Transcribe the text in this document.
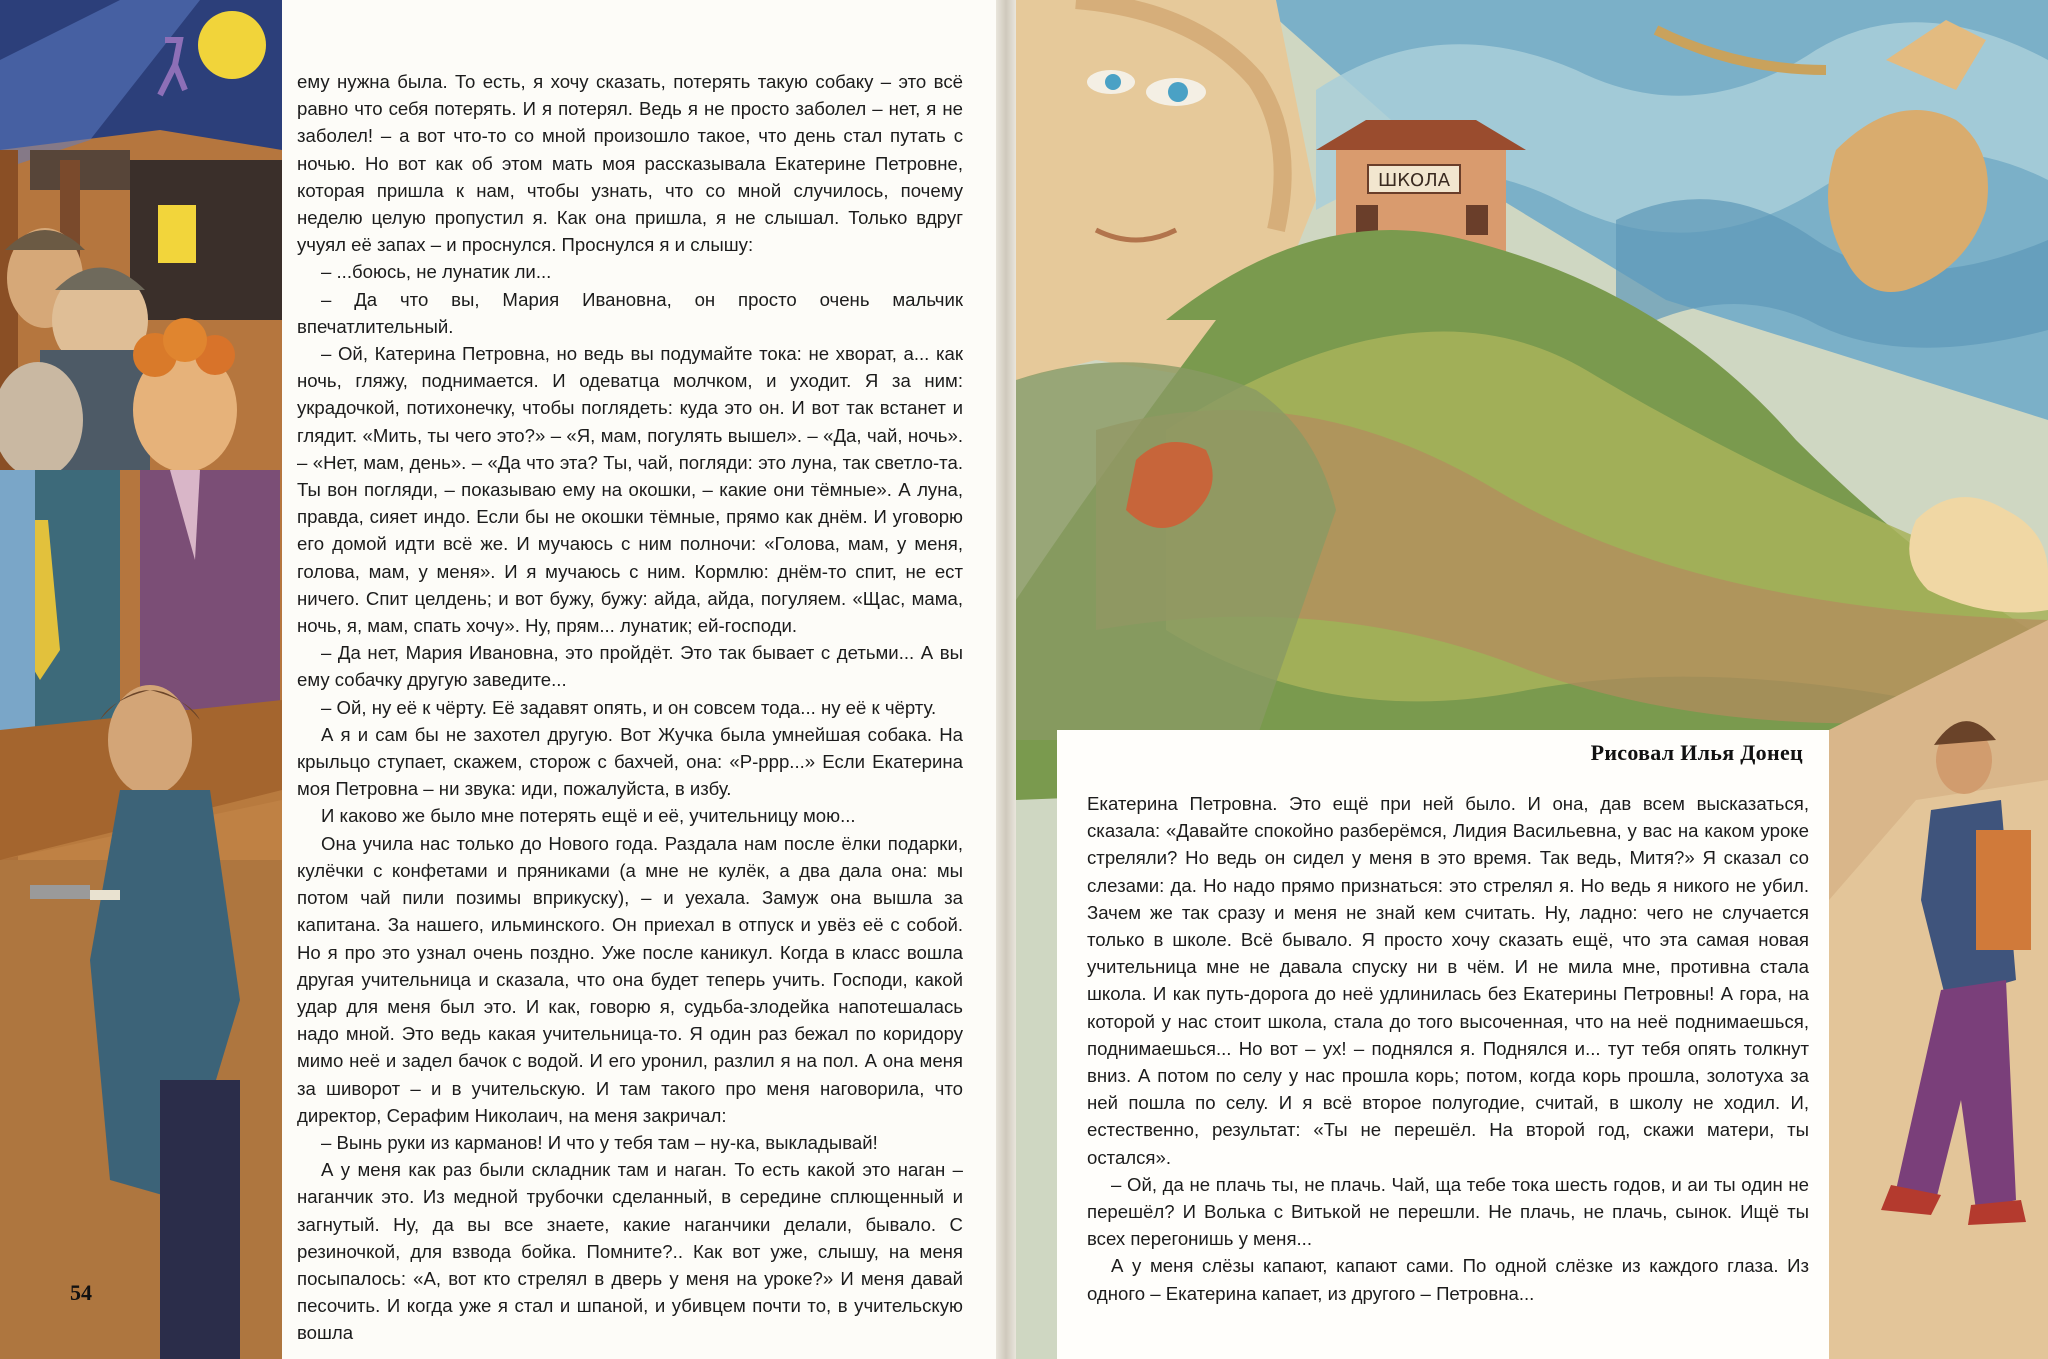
ему нужна была. То есть, я хочу сказать, потерять такую собаку – это всё равно что себя потерять. И я потерял. Ведь я не просто заболел – нет, я не заболел! – а вот что-то со мной произошло такое, что день стал путать с ночью. Но вот как об этом мать моя рассказывала Екатерине Петровне, которая пришла к нам, чтобы узнать, что со мной случилось, почему неделю целую пропустил я. Как она пришла, я не слышал. Только вдруг учуял её запах – и проснулся. Проснулся я и слышу:

– ...боюсь, не лунатик ли...

– Да что вы, Мария Ивановна, он просто очень мальчик впечатлительный.

– Ой, Катерина Петровна, но ведь вы подумайте тока: не хворат, а... как ночь, гляжу, поднимается. И одеватца молчком, и уходит. Я за ним: украдочкой, потихонечку, чтобы поглядеть: куда это он. И вот так встанет и глядит. «Мить, ты чего это?» – «Я, мам, погулять вышел». – «Да, чай, ночь». – «Нет, мам, день». – «Да что эта? Ты, чай, погляди: это луна, так светло-та. Ты вон погляди, – показываю ему на окошки, – какие они тёмные». А луна, правда, сияет индо. Если бы не окошки тёмные, прямо как днём. И уговорю его домой идти всё же. И мучаюсь с ним полночи: «Голова, мам, у меня, голова, мам, у меня». И я мучаюсь с ним. Кормлю: днём-то спит, не ест ничего. Спит целдень; и вот бужу, бужу: айда, айда, погуляем. «Щас, мама, ночь, я, мам, спать хочу». Ну, прям... лунатик; ей-господи.

– Да нет, Мария Ивановна, это пройдёт. Это так бывает с детьми... А вы ему собачку другую заведите...

– Ой, ну её к чёрту. Её задавят опять, и он совсем тода... ну её к чёрту.

А я и сам бы не захотел другую. Вот Жучка была умнейшая собака. На крыльцо ступает, скажем, сторож с бахчей, она: «Р-ррр...» Если Екатерина моя Петровна – ни звука: иди, пожалуйста, в избу.

И каково же было мне потерять ещё и её, учительницу мою...

Она учила нас только до Нового года. Раздала нам после ёлки подарки, кулёчки с конфетами и пряниками (а мне не кулёк, а два дала она: мы потом чай пили позимы вприкуску), – и уехала. Замуж она вышла за капитана. За нашего, ильминского. Он приехал в отпуск и увёз её с собой. Но я про это узнал очень поздно. Уже после каникул. Когда в класс вошла другая учительница и сказала, что она будет теперь учить. Господи, какой удар для меня был это. И как, говорю я, судьба-злодейка напотешалась надо мной. Это ведь какая учительница-то. Я один раз бежал по коридору мимо неё и задел бачок с водой. И его уронил, разлил я на пол. А она меня за шиворот – и в учительскую. И там такого про меня наговорила, что директор, Серафим Николаич, на меня закричал:

– Вынь руки из карманов! И что у тебя там – ну-ка, выкладывай!

А у меня как раз были складник там и наган. То есть какой это наган – наганчик это. Из медной трубочки сделанный, в середине сплющенный и загнутый. Ну, да вы все знаете, какие наганчики делали, бывало. С резиночкой, для взвода бойка. Помните?.. Как вот уже, слышу, на меня посыпалось: «А, вот кто стрелял в дверь у меня на уроке?» И меня давай песочить. И когда уже я стал и шпаной, и убивцем почти то, в учительскую вошла

54
ШКОЛА
Рисовал Илья Донец

Екатерина Петровна. Это ещё при ней было. И она, дав всем высказаться, сказала: «Давайте спокойно разберёмся, Лидия Васильевна, у вас на каком уроке стреляли? Но ведь он сидел у меня в это время. Так ведь, Митя?» Я сказал со слезами: да. Но надо прямо признаться: это стрелял я. Но ведь я никого не убил. Зачем же так сразу и меня не знай кем считать. Ну, ладно: чего не случается только в школе. Всё бывало. Я просто хочу сказать ещё, что эта самая новая учительница мне не давала спуску ни в чём. И не мила мне, противна стала школа. И как путь-дорога до неё удлинилась без Екатерины Петровны! А гора, на которой у нас стоит школа, стала до того высоченная, что на неё поднимаешься, поднимаешься... Но вот – ух! – поднялся я. Поднялся и... тут тебя опять толкнут вниз. А потом по селу у нас прошла корь; потом, когда корь прошла, золотуха за ней пошла по селу. И я всё второе полугодие, считай, в школу не ходил. И, естественно, результат: «Ты не перешёл. На второй год, скажи матери, ты остался».

– Ой, да не плачь ты, не плачь. Чай, ща тебе тока шесть годов, и аи ты один не перешёл? И Волька с Витькой не перешли. Не плачь, не плачь, сынок. Ищё ты всех перегонишь у меня...

А у меня слёзы капают, капают сами. По одной слёзке из каждого глаза. Из одного – Екатерина капает, из другого – Петровна...
